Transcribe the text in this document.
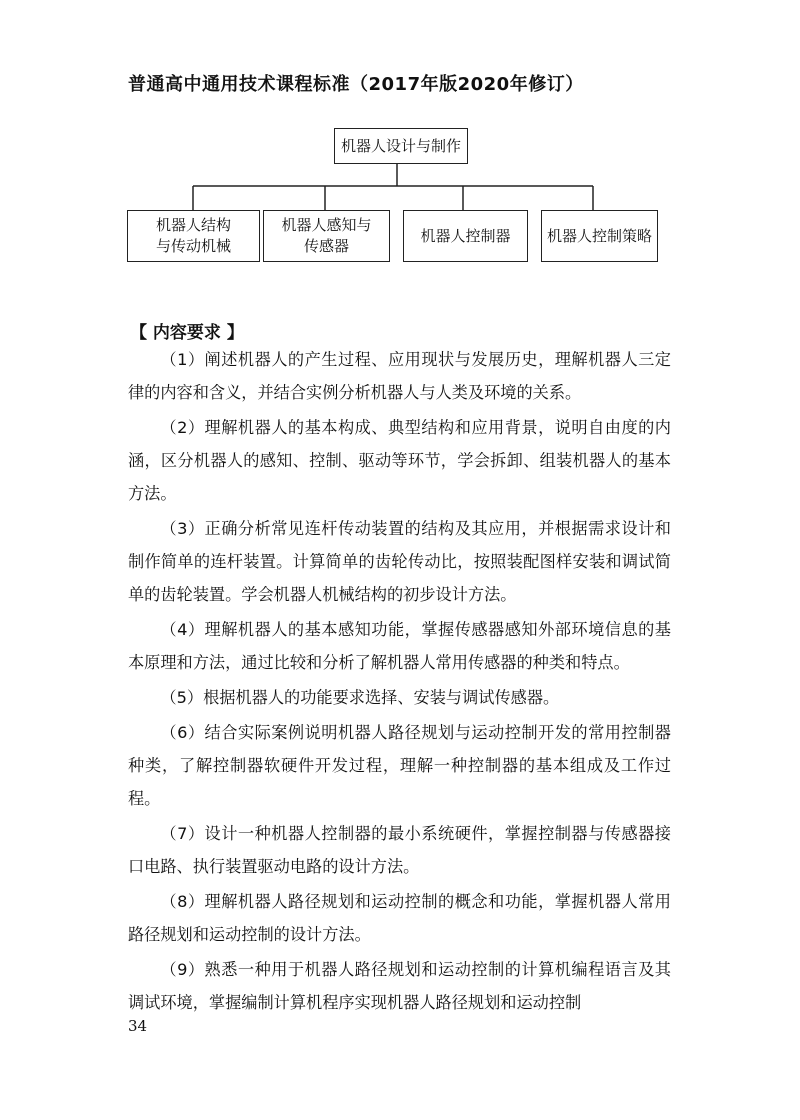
普通高中通用技术课程标准（2017年版2020年修订）
机器人设计与制作
机器人结构
与传动机械
机器人感知与
传感器
机器人控制器	机器人控制策略
【 内容要求 】

（1）阐述机器人的产生过程、应用现状与发展历史，理解机器人三定律的内容和含义，并结合实例分析机器人与人类及环境的关系。

（2）理解机器人的基本构成、典型结构和应用背景，说明自由度的内涵，区分机器人的感知、控制、驱动等环节，学会拆卸、组装机器人的基本方法。

（3）正确分析常见连杆传动装置的结构及其应用，并根据需求设计和制作简单的连杆装置。计算简单的齿轮传动比，按照装配图样安装和调试简单的齿轮装置。学会机器人机械结构的初步设计方法。

（4）理解机器人的基本感知功能，掌握传感器感知外部环境信息的基本原理和方法，通过比较和分析了解机器人常用传感器的种类和特点。

（5）根据机器人的功能要求选择、安装与调试传感器。

（6）结合实际案例说明机器人路径规划与运动控制开发的常用控制器种类，了解控制器软硬件开发过程，理解一种控制器的基本组成及工作过程。

（7）设计一种机器人控制器的最小系统硬件，掌握控制器与传感器接口电路、执行装置驱动电路的设计方法。

（8）理解机器人路径规划和运动控制的概念和功能，掌握机器人常用路径规划和运动控制的设计方法。

（9）熟悉一种用于机器人路径规划和运动控制的计算机编程语言及其调试环境，掌握编制计算机程序实现机器人路径规划和运动控制

34
